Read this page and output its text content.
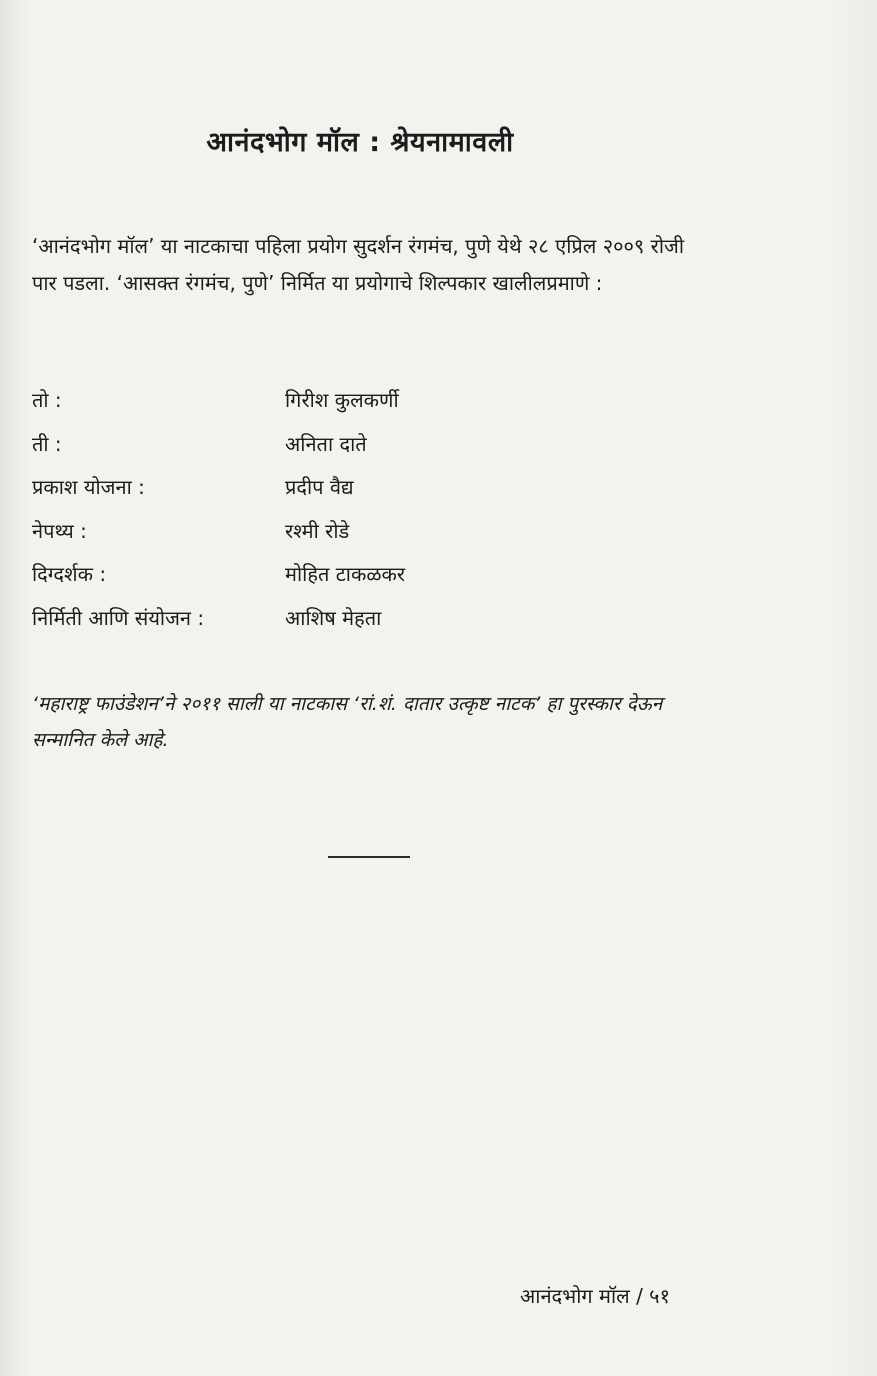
आनंदभोग मॉल : श्रेयनामावली
‘आनंदभोग मॉल’ या नाटकाचा पहिला प्रयोग सुदर्शन रंगमंच, पुणे येथे २८ एप्रिल २००९ रोजी पार पडला. ‘आसक्त रंगमंच, पुणे’ निर्मित या प्रयोगाचे शिल्पकार खालीलप्रमाणे :
तो :	गिरीश कुलकर्णी
ती :	अनिता दाते
प्रकाश योजना :	प्रदीप वैद्य
नेपथ्य :	रश्मी रोडे
दिग्दर्शक :	मोहित टाकळकर
निर्मिती आणि संयोजन :	आशिष मेहता
‘महाराष्ट्र फाउंडेशन’ने २०११ साली या नाटकास ‘रां.शं. दातार उत्कृष्ट नाटक’ हा पुरस्कार देऊन सन्मानित केले आहे.
आनंदभोग मॉल / ५१
